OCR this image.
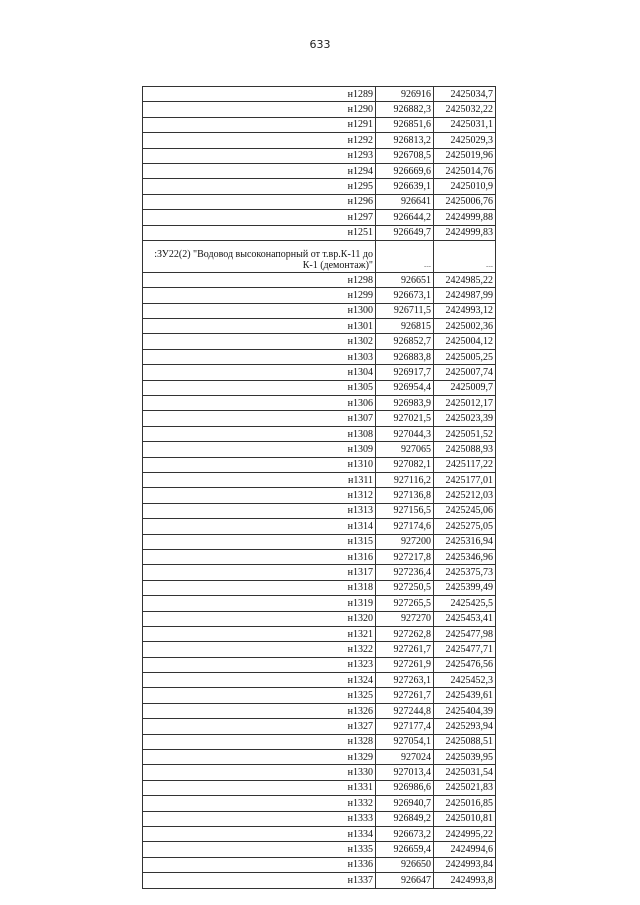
633
н1289	926916	2425034,7
н1290	926882,3	2425032,22
н1291	926851,6	2425031,1
н1292	926813,2	2425029,3
н1293	926708,5	2425019,96
н1294	926669,6	2425014,76
н1295	926639,1	2425010,9
н1296	926641	2425006,76
н1297	926644,2	2424999,88
н1251	926649,7	2424999,83
:ЗУ22(2) "Водовод высоконапорный от т.вр.К-11 до К-1 (демонтаж)"	---	---
н1298	926651	2424985,22
н1299	926673,1	2424987,99
н1300	926711,5	2424993,12
н1301	926815	2425002,36
н1302	926852,7	2425004,12
н1303	926883,8	2425005,25
н1304	926917,7	2425007,74
н1305	926954,4	2425009,7
н1306	926983,9	2425012,17
н1307	927021,5	2425023,39
н1308	927044,3	2425051,52
н1309	927065	2425088,93
н1310	927082,1	2425117,22
н1311	927116,2	2425177,01
н1312	927136,8	2425212,03
н1313	927156,5	2425245,06
н1314	927174,6	2425275,05
н1315	927200	2425316,94
н1316	927217,8	2425346,96
н1317	927236,4	2425375,73
н1318	927250,5	2425399,49
н1319	927265,5	2425425,5
н1320	927270	2425453,41
н1321	927262,8	2425477,98
н1322	927261,7	2425477,71
н1323	927261,9	2425476,56
н1324	927263,1	2425452,3
н1325	927261,7	2425439,61
н1326	927244,8	2425404,39
н1327	927177,4	2425293,94
н1328	927054,1	2425088,51
н1329	927024	2425039,95
н1330	927013,4	2425031,54
н1331	926986,6	2425021,83
н1332	926940,7	2425016,85
н1333	926849,2	2425010,81
н1334	926673,2	2424995,22
н1335	926659,4	2424994,6
н1336	926650	2424993,84
н1337	926647	2424993,8
